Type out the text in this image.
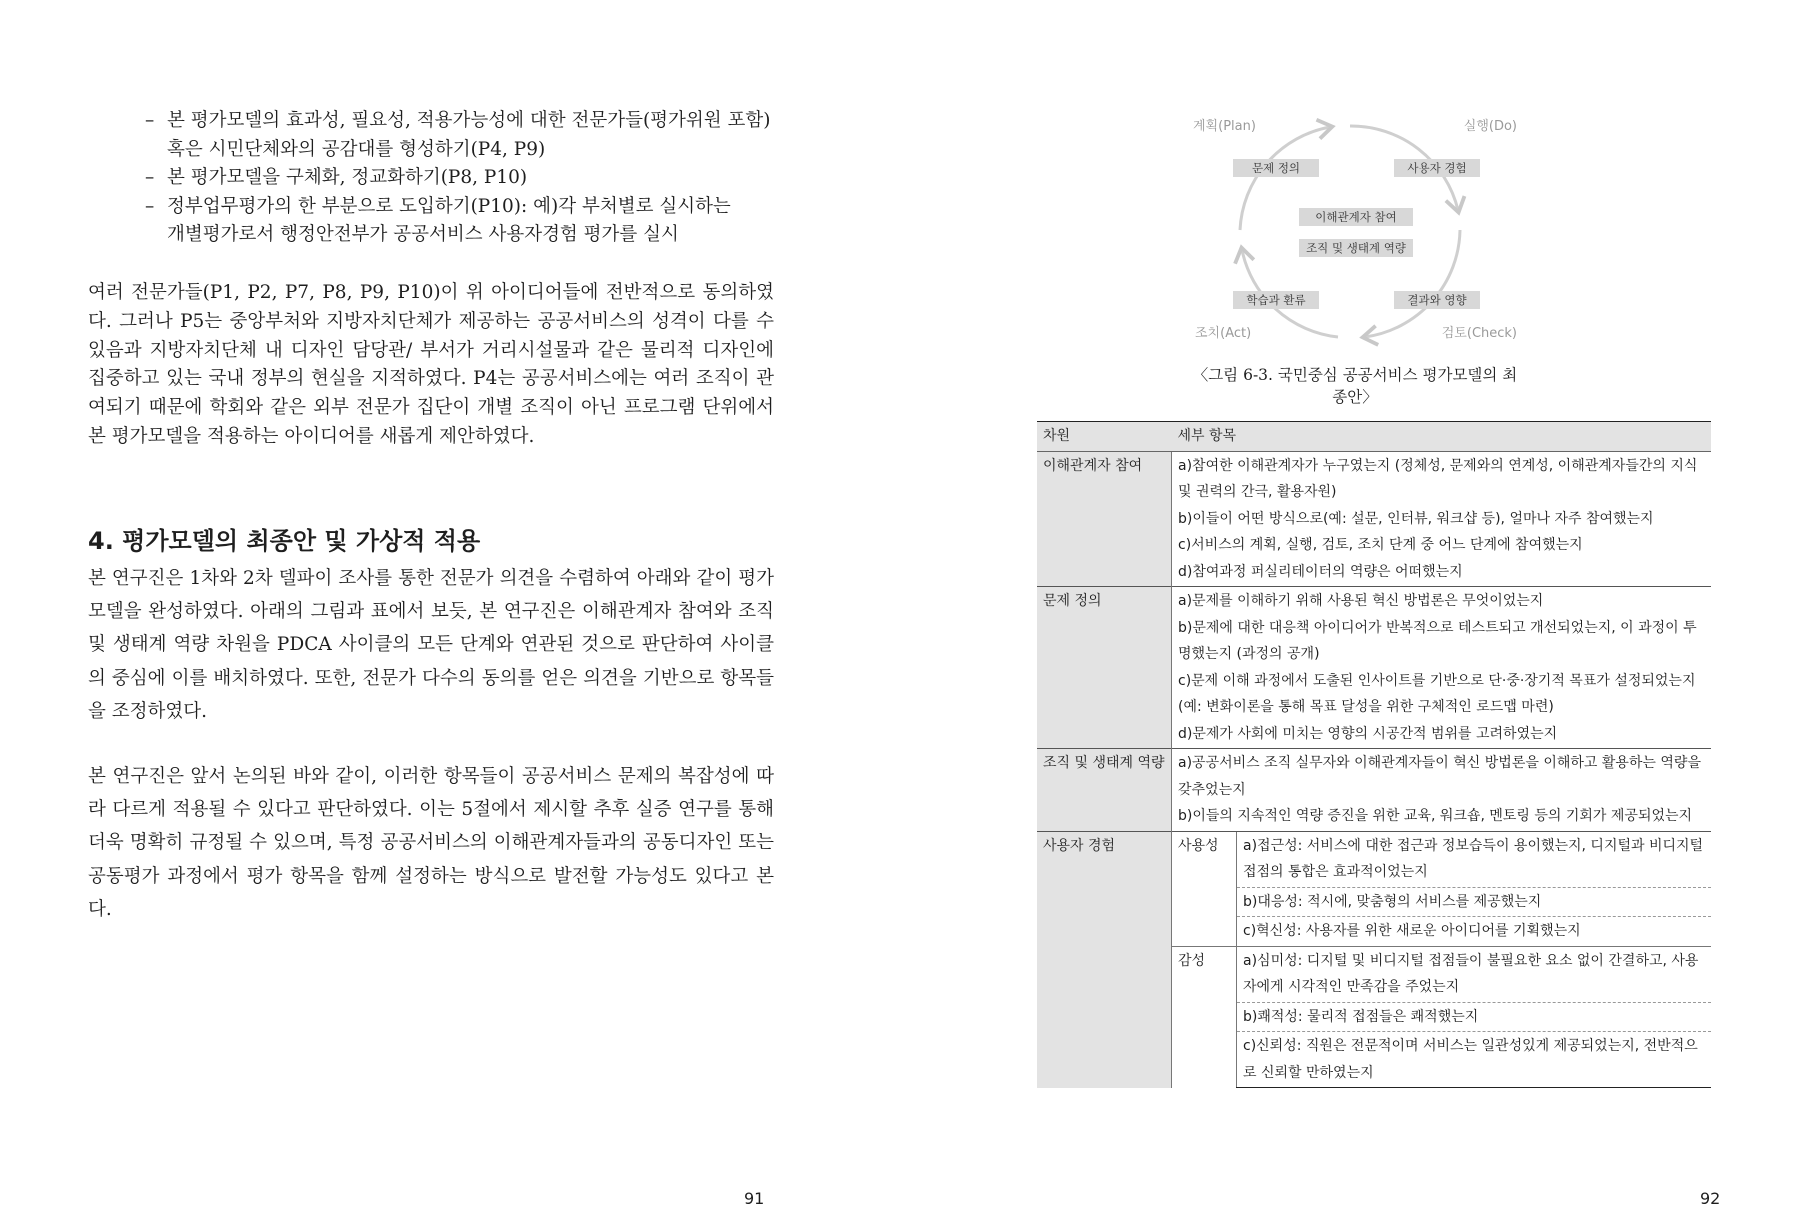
– 본 평가모델의 효과성, 필요성, 적용가능성에 대한 전문가들(평가위원 포함)
혹은 시민단체와의 공감대를 형성하기(P4, P9)
– 본 평가모델을 구체화, 정교화하기(P8, P10)
– 정부업무평가의 한 부분으로 도입하기(P10): 예)각 부처별로 실시하는
개별평가로서 행정안전부가 공공서비스 사용자경험 평가를 실시

여러 전문가들(P1, P2, P7, P8, P9, P10)이 위 아이디어들에 전반적으로 동의하였다. 그러나 P5는 중앙부처와 지방자치단체가 제공하는 공공서비스의 성격이 다를 수 있음과 지방자치단체 내 디자인 담당관/ 부서가 거리시설물과 같은 물리적 디자인에 집중하고 있는 국내 정부의 현실을 지적하였다. P4는 공공서비스에는 여러 조직이 관여되기 때문에 학회와 같은 외부 전문가 집단이 개별 조직이 아닌 프로그램 단위에서 본 평가모델을 적용하는 아이디어를 새롭게 제안하였다.

4. 평가모델의 최종안 및 가상적 적용

본 연구진은 1차와 2차 델파이 조사를 통한 전문가 의견을 수렴하여 아래와 같이 평가모델을 완성하였다. 아래의 그림과 표에서 보듯, 본 연구진은 이해관계자 참여와 조직 및 생태계 역량 차원을 PDCA 사이클의 모든 단계와 연관된 것으로 판단하여 사이클의 중심에 이를 배치하였다. 또한, 전문가 다수의 동의를 얻은 의견을 기반으로 항목들을 조정하였다.

본 연구진은 앞서 논의된 바와 같이, 이러한 항목들이 공공서비스 문제의 복잡성에 따라 다르게 적용될 수 있다고 판단하였다. 이는 5절에서 제시할 추후 실증 연구를 통해 더욱 명확히 규정될 수 있으며, 특정 공공서비스의 이해관계자들과의 공동디자인 또는 공동평가 과정에서 평가 항목을 함께 설정하는 방식으로 발전할 가능성도 있다고 본다.

91
계획(Plan)	실행(Do)
조치(Act)	검토(Check)
문제 정의	사용자 경험
이해관계자 참여
조직 및 생태계 역량
학습과 환류	결과와 영향
〈그림 6-3. 국민중심 공공서비스 평가모델의 최종안〉
차원	세부 항목	
이해관계자 참여	a)참여한 이해관계자가 누구였는지 (정체성, 문제와의 연계성, 이해관계자들간의 지식 및 권력의 간극, 활용자원)
b)이들이 어떤 방식으로(예: 설문, 인터뷰, 워크샵 등), 얼마나 자주 참여했는지
c)서비스의 계획, 실행, 검토, 조치 단계 중 어느 단계에 참여했는지
d)참여과정 퍼실리테이터의 역량은 어떠했는지	

문제 정의	a)문제를 이해하기 위해 사용된 혁신 방법론은 무엇이었는지
b)문제에 대한 대응책 아이디어가 반복적으로 테스트되고 개선되었는지, 이 과정이 투명했는지 (과정의 공개)
c)문제 이해 과정에서 도출된 인사이트를 기반으로 단·중·장기적 목표가 설정되었는지(예: 변화이론을 통해 목표 달성을 위한 구체적인 로드맵 마련)
d)문제가 사회에 미치는 영향의 시공간적 범위를 고려하였는지	

조직 및 생태계 역량	a)공공서비스 조직 실무자와 이해관계자들이 혁신 방법론을 이해하고 활용하는 역량을 갖추었는지
b)이들의 지속적인 역량 증진을 위한 교육, 워크숍, 멘토링 등의 기회가 제공되었는지	

사용자 경험	사용성	a)접근성: 서비스에 대한 접근과 정보습득이 용이했는지, 디지털과 비디지털 접점의 통합은 효과적이었는지
		b)대응성: 적시에, 맞춤형의 서비스를 제공했는지
		c)혁신성: 사용자를 위한 새로운 아이디어를 기획했는지
	감성	a)심미성: 디지털 및 비디지털 접점들이 불필요한 요소 없이 간결하고, 사용자에게 시각적인 만족감을 주었는지
		b)쾌적성: 물리적 접점들은 쾌적했는지
		c)신뢰성: 직원은 전문적이며 서비스는 일관성있게 제공되었는지, 전반적으로 신뢰할 만하였는지
92
